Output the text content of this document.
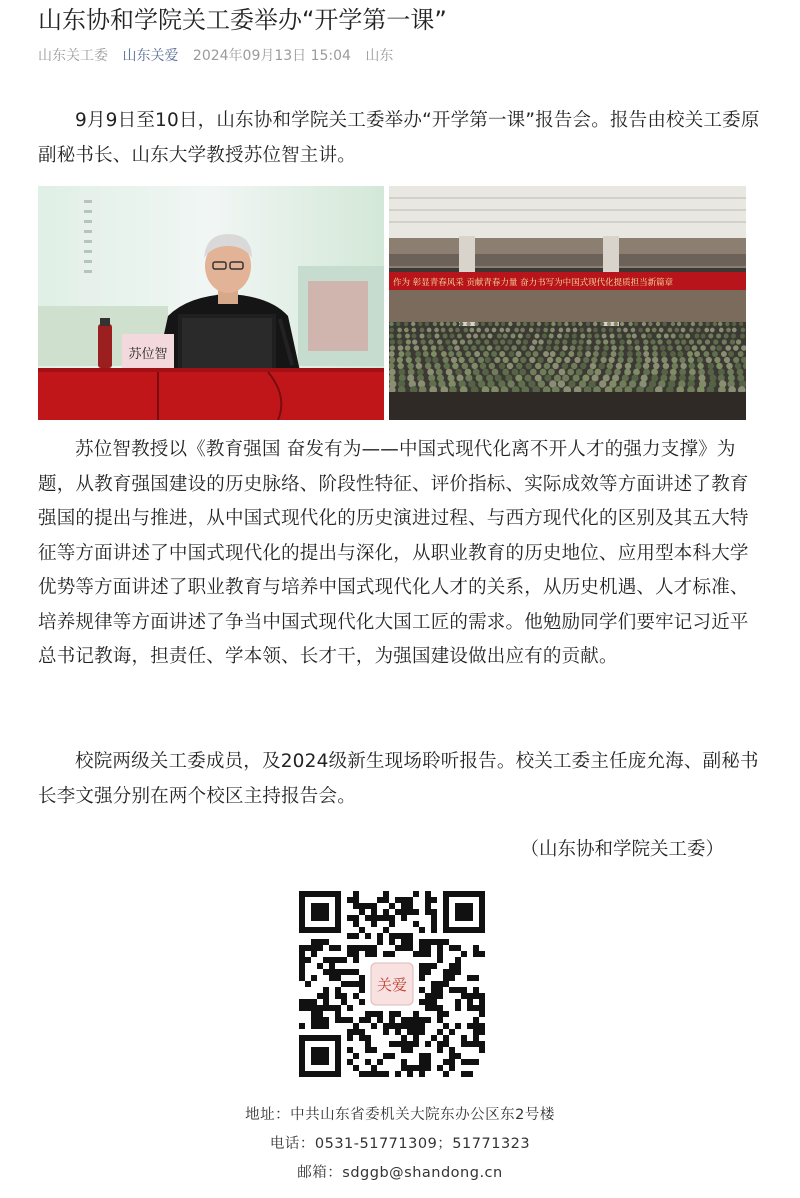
山东协和学院关工委举办“开学第一课”
山东关工委 山东关爱 2024年09月13日 15:04 山东

9月9日至10日，山东协和学院关工委举办“开学第一课”报告会。报告由校关工委原副秘书长、山东大学教授苏位智主讲。

苏位智
作为 彰显青春风采 贡献青春力量 奋力书写为中国式现代化提质担当新篇章

苏位智教授以《教育强国 奋发有为——中国式现代化离不开人才的强力支撑》为题，从教育强国建设的历史脉络、阶段性特征、评价指标、实际成效等方面讲述了教育强国的提出与推进，从中国式现代化的历史演进过程、与西方现代化的区别及其五大特征等方面讲述了中国式现代化的提出与深化，从职业教育的历史地位、应用型本科大学优势等方面讲述了职业教育与培养中国式现代化人才的关系，从历史机遇、人才标准、培养规律等方面讲述了争当中国式现代化大国工匠的需求。他勉励同学们要牢记习近平总书记教诲，担责任、学本领、长才干，为强国建设做出应有的贡献。

校院两级关工委成员，及2024级新生现场聆听报告。校关工委主任庞允海、副秘书长李文强分别在两个校区主持报告会。

（山东协和学院关工委）
关爱
地址：中共山东省委机关大院东办公区东2号楼
电话：0531-51771309；51771323
邮箱：sdggb@shandong.cn
